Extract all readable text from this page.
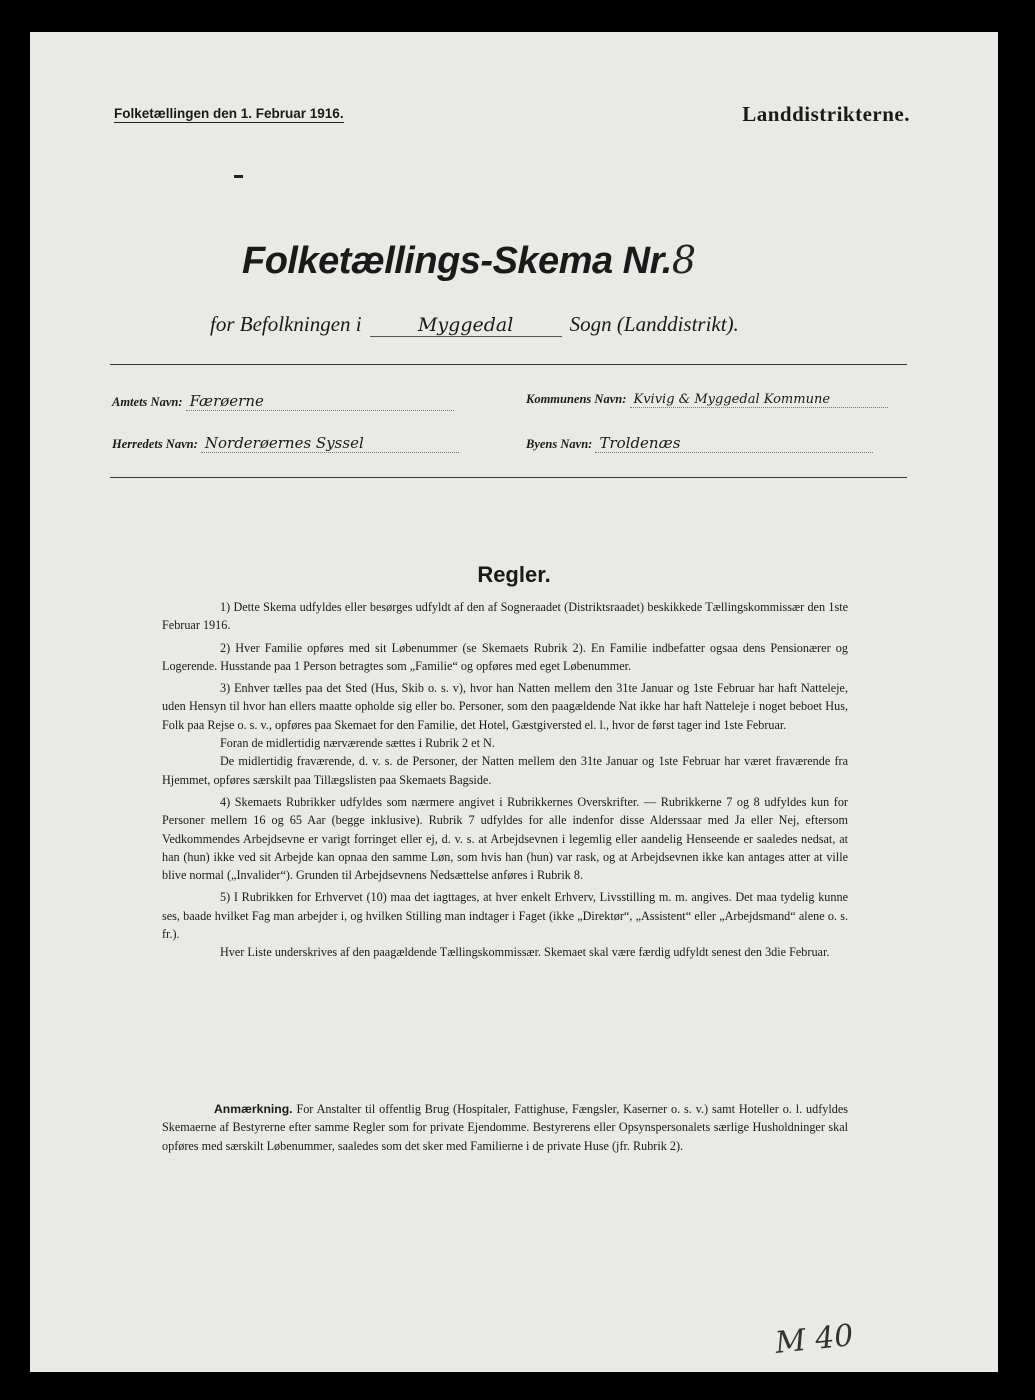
Folketællingen den 1. Februar 1916.	Landdistrikterne.
Folketællings-Skema Nr.8
for Befolkningen i	Myggedal	Sogn (Landdistrikt).
Amtets Navn: Færøerne	Kommunens Navn: Kvivig & Myggedal Kommune
Herredets Navn: Norderøernes Syssel	Byens Navn: Troldenæs
Regler.

1) Dette Skema udfyldes eller besørges udfyldt af den af Sogneraadet (Distriktsraadet) beskikkede Tællingskommissær den 1ste Februar 1916.

2) Hver Familie opføres med sit Løbenummer (se Skemaets Rubrik 2). En Familie indbefatter ogsaa dens Pensionærer og Logerende. Husstande paa 1 Person betragtes som „Familie“ og opføres med eget Løbenummer.

3) Enhver tælles paa det Sted (Hus, Skib o. s. v), hvor han Natten mellem den 31te Januar og 1ste Februar har haft Natteleje, uden Hensyn til hvor han ellers maatte opholde sig eller bo. Personer, som den paagældende Nat ikke har haft Natteleje i noget beboet Hus, Folk paa Rejse o. s. v., opføres paa Skemaet for den Familie, det Hotel, Gæstgiversted el. l., hvor de først tager ind 1ste Februar.

Foran de midlertidig nærværende sættes i Rubrik 2 et N.

De midlertidig fraværende, d. v. s. de Personer, der Natten mellem den 31te Januar og 1ste Februar har været fraværende fra Hjemmet, opføres særskilt paa Tillægslisten paa Skemaets Bagside.

4) Skemaets Rubrikker udfyldes som nærmere angivet i Rubrikkernes Overskrifter. — Rubrikkerne 7 og 8 udfyldes kun for Personer mellem 16 og 65 Aar (begge inklusive). Rubrik 7 udfyldes for alle indenfor disse Alderssaar med Ja eller Nej, eftersom Vedkommendes Arbejdsevne er varigt forringet eller ej, d. v. s. at Arbejdsevnen i legemlig eller aandelig Henseende er saaledes nedsat, at han (hun) ikke ved sit Arbejde kan opnaa den samme Løn, som hvis han (hun) var rask, og at Arbejdsevnen ikke kan antages atter at ville blive normal („Invalider“). Grunden til Arbejdsevnens Nedsættelse anføres i Rubrik 8.

5) I Rubrikken for Erhvervet (10) maa det iagttages, at hver enkelt Erhverv, Livsstilling m. m. angives. Det maa tydelig kunne ses, baade hvilket Fag man arbejder i, og hvilken Stilling man indtager i Faget (ikke „Direktør“, „Assistent“ eller „Arbejdsmand“ alene o. s. fr.).

Hver Liste underskrives af den paagældende Tællingskommissær. Skemaet skal være færdig udfyldt senest den 3die Februar.

Anmærkning. For Anstalter til offentlig Brug (Hospitaler, Fattighuse, Fængsler, Kaserner o. s. v.) samt Hoteller o. l. udfyldes Skemaerne af Bestyrerne efter samme Regler som for private Ejendomme. Bestyrerens eller Opsynspersonalets særlige Husholdninger skal opføres med særskilt Løbenummer, saaledes som det sker med Familierne i de private Huse (jfr. Rubrik 2).

M 40
